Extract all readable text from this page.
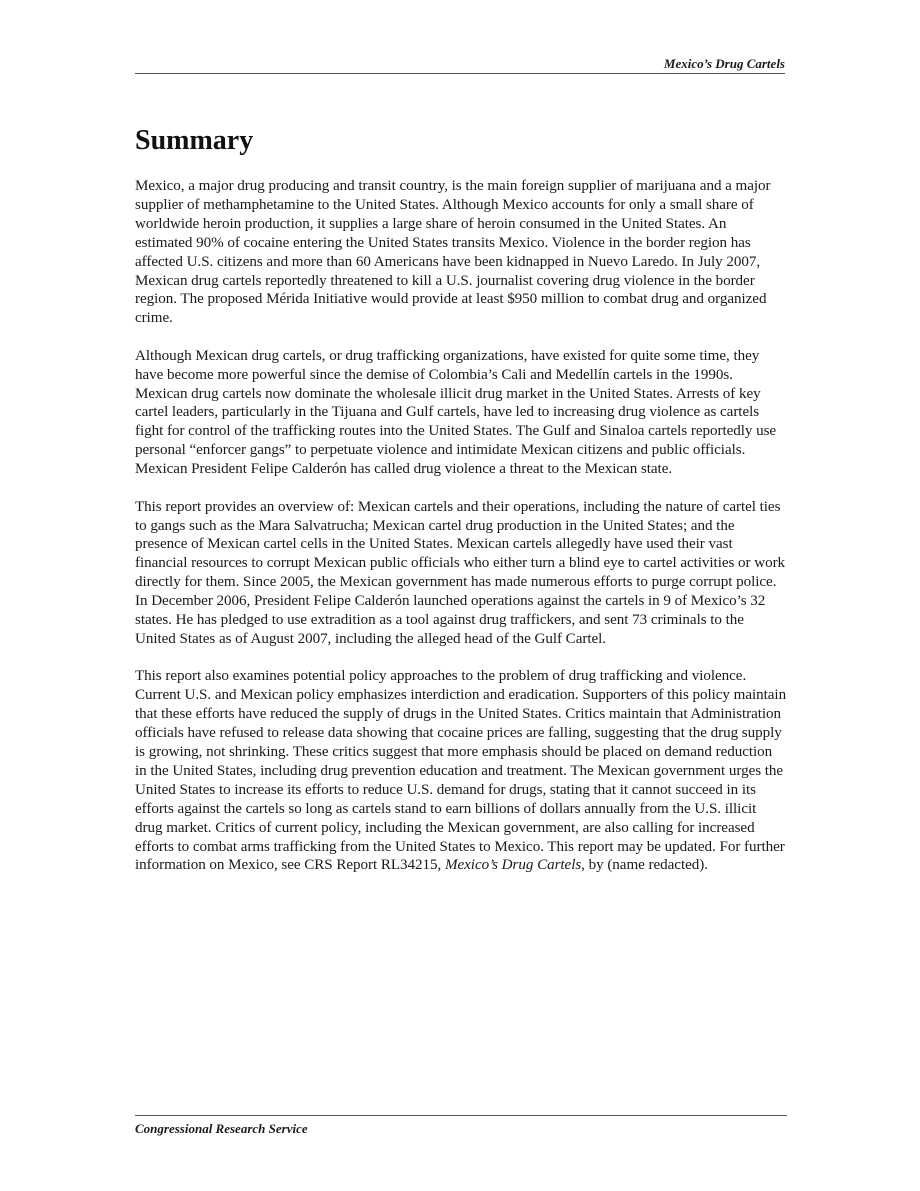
Mexico’s Drug Cartels
Summary

Mexico, a major drug producing and transit country, is the main foreign supplier of marijuana and a major supplier of methamphetamine to the United States. Although Mexico accounts for only a small share of worldwide heroin production, it supplies a large share of heroin consumed in the United States. An estimated 90% of cocaine entering the United States transits Mexico. Violence in the border region has affected U.S. citizens and more than 60 Americans have been kidnapped in Nuevo Laredo. In July 2007, Mexican drug cartels reportedly threatened to kill a U.S. journalist covering drug violence in the border region. The proposed Mérida Initiative would provide at least $950 million to combat drug and organized crime.

Although Mexican drug cartels, or drug trafficking organizations, have existed for quite some time, they have become more powerful since the demise of Colombia’s Cali and Medellín cartels in the 1990s. Mexican drug cartels now dominate the wholesale illicit drug market in the United States. Arrests of key cartel leaders, particularly in the Tijuana and Gulf cartels, have led to increasing drug violence as cartels fight for control of the trafficking routes into the United States. The Gulf and Sinaloa cartels reportedly use personal “enforcer gangs” to perpetuate violence and intimidate Mexican citizens and public officials. Mexican President Felipe Calderón has called drug violence a threat to the Mexican state.

This report provides an overview of: Mexican cartels and their operations, including the nature of cartel ties to gangs such as the Mara Salvatrucha; Mexican cartel drug production in the United States; and the presence of Mexican cartel cells in the United States. Mexican cartels allegedly have used their vast financial resources to corrupt Mexican public officials who either turn a blind eye to cartel activities or work directly for them. Since 2005, the Mexican government has made numerous efforts to purge corrupt police. In December 2006, President Felipe Calderón launched operations against the cartels in 9 of Mexico’s 32 states. He has pledged to use extradition as a tool against drug traffickers, and sent 73 criminals to the United States as of August 2007, including the alleged head of the Gulf Cartel.

This report also examines potential policy approaches to the problem of drug trafficking and violence. Current U.S. and Mexican policy emphasizes interdiction and eradication. Supporters of this policy maintain that these efforts have reduced the supply of drugs in the United States. Critics maintain that Administration officials have refused to release data showing that cocaine prices are falling, suggesting that the drug supply is growing, not shrinking. These critics suggest that more emphasis should be placed on demand reduction in the United States, including drug prevention education and treatment. The Mexican government urges the United States to increase its efforts to reduce U.S. demand for drugs, stating that it cannot succeed in its efforts against the cartels so long as cartels stand to earn billions of dollars annually from the U.S. illicit drug market. Critics of current policy, including the Mexican government, are also calling for increased efforts to combat arms trafficking from the United States to Mexico. This report may be updated. For further information on Mexico, see CRS Report RL34215, Mexico’s Drug Cartels, by (name redacted).

Congressional Research Service
